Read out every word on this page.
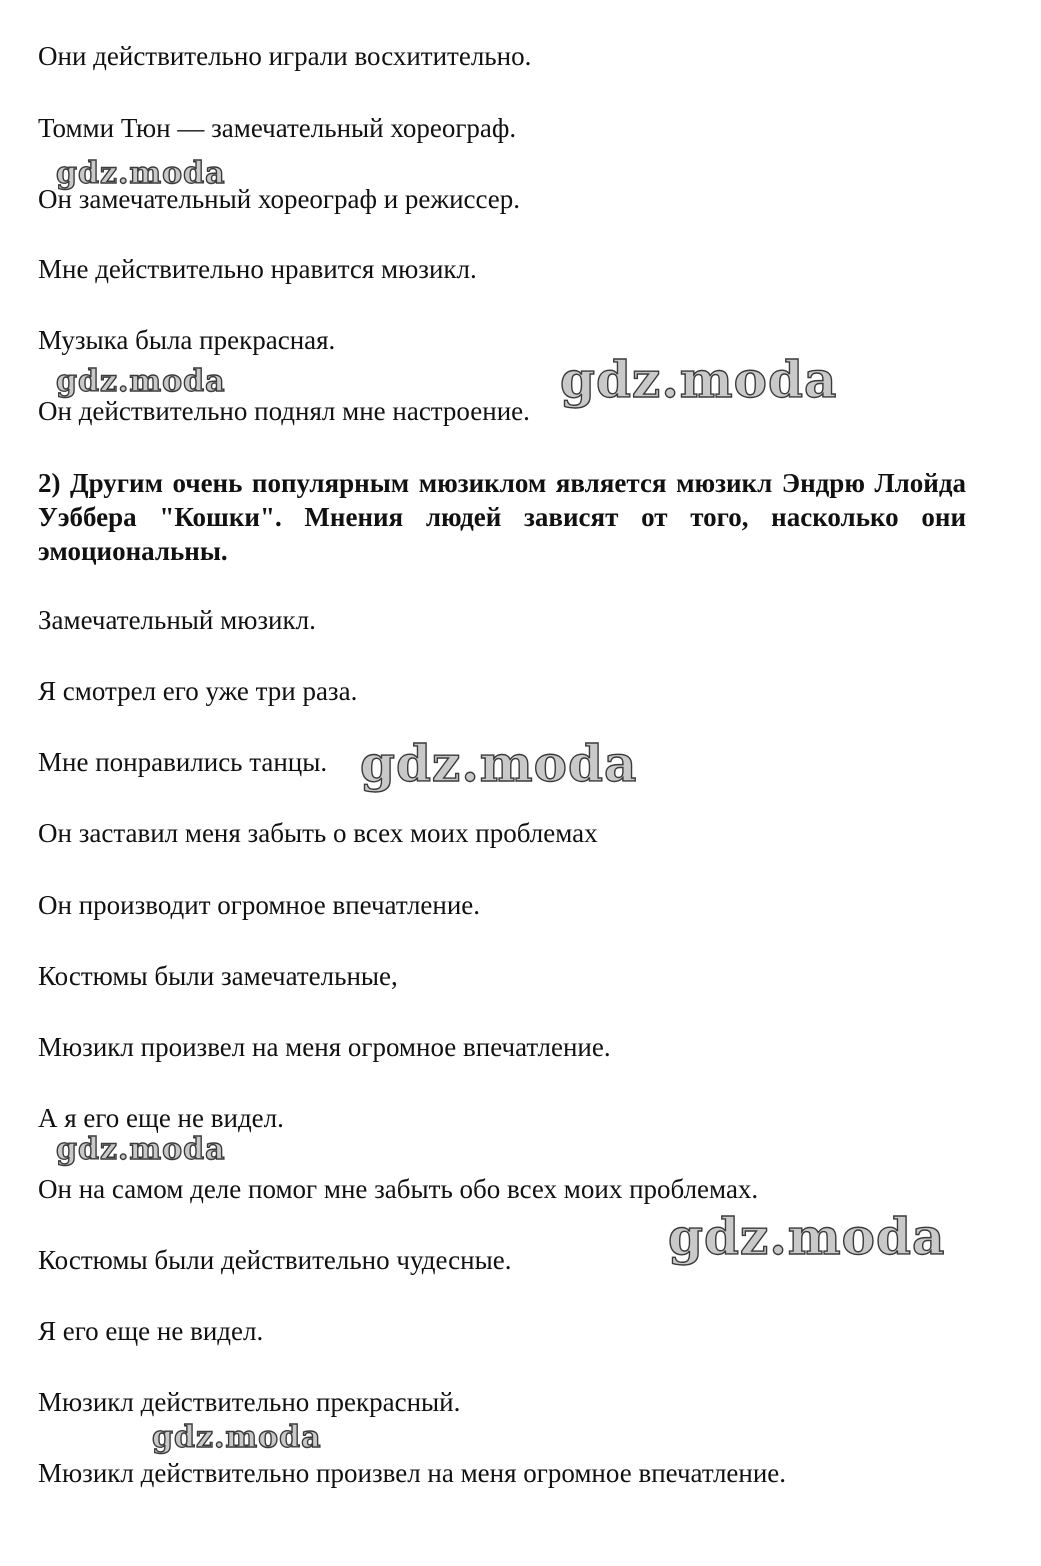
Они действительно играли восхитительно.
Томми Тюн — замечательный хореограф.
gdz.moda
Он замечательный хореограф и режиссер.
Мне действительно нравится мюзикл.
Музыка была прекрасная.
gdz.moda
gdz.moda
Он действительно поднял мне настроение.
2) Другим очень популярным мюзиклом является мюзикл Эндрю Ллойда Уэббера "Кошки". Мнения людей зависят от того, насколько они эмоциональны.
Замечательный мюзикл.
Я смотрел его уже три раза.
Мне понравились танцы. gdz.moda
Он заставил меня забыть о всех моих проблемах
Он производит огромное впечатление.
Костюмы были замечательные,
Мюзикл произвел на меня огромное впечатление.
А я его еще не видел.
gdz.moda
Он на самом деле помог мне забыть обо всех моих проблемах.
gdz.moda
Костюмы были действительно чудесные.
Я его еще не видел.
Мюзикл действительно прекрасный.
gdz.moda
Мюзикл действительно произвел на меня огромное впечатление.
